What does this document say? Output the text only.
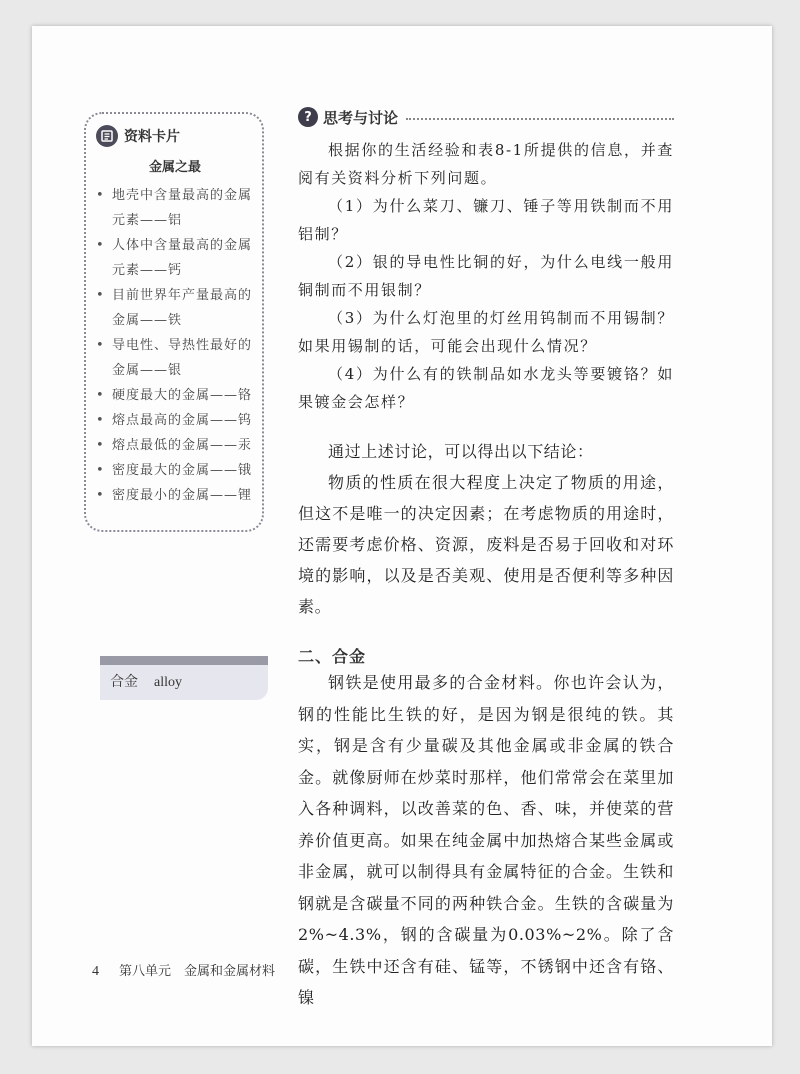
资料卡片
金属之最
• 地壳中含量最高的金属元素——铝
• 人体中含量最高的金属元素——钙
• 目前世界年产量最高的金属——铁
• 导电性、导热性最好的金属——银
• 硬度最大的金属——铬
• 熔点最高的金属——钨
• 熔点最低的金属——汞
• 密度最大的金属——锇
• 密度最小的金属——锂
合金 alloy
? 思考与讨论

根据你的生活经验和表8-1所提供的信息，并查阅有关资料分析下列问题。

（1）为什么菜刀、镰刀、锤子等用铁制而不用铝制？

（2）银的导电性比铜的好，为什么电线一般用铜制而不用银制？

（3）为什么灯泡里的灯丝用钨制而不用锡制？如果用锡制的话，可能会出现什么情况？

（4）为什么有的铁制品如水龙头等要镀铬？如果镀金会怎样？

通过上述讨论，可以得出以下结论：

物质的性质在很大程度上决定了物质的用途，但这不是唯一的决定因素；在考虑物质的用途时，还需要考虑价格、资源，废料是否易于回收和对环境的影响，以及是否美观、使用是否便利等多种因素。

二、合金

钢铁是使用最多的合金材料。你也许会认为，钢的性能比生铁的好，是因为钢是很纯的铁。其实，钢是含有少量碳及其他金属或非金属的铁合金。就像厨师在炒菜时那样，他们常常会在菜里加入各种调料，以改善菜的色、香、味，并使菜的营养价值更高。如果在纯金属中加热熔合某些金属或非金属，就可以制得具有金属特征的合金。生铁和钢就是含碳量不同的两种铁合金。生铁的含碳量为2%~4.3%，钢的含碳量为0.03%~2%。除了含碳，生铁中还含有硅、锰等，不锈钢中还含有铬、镍

4 第八单元　金属和金属材料
